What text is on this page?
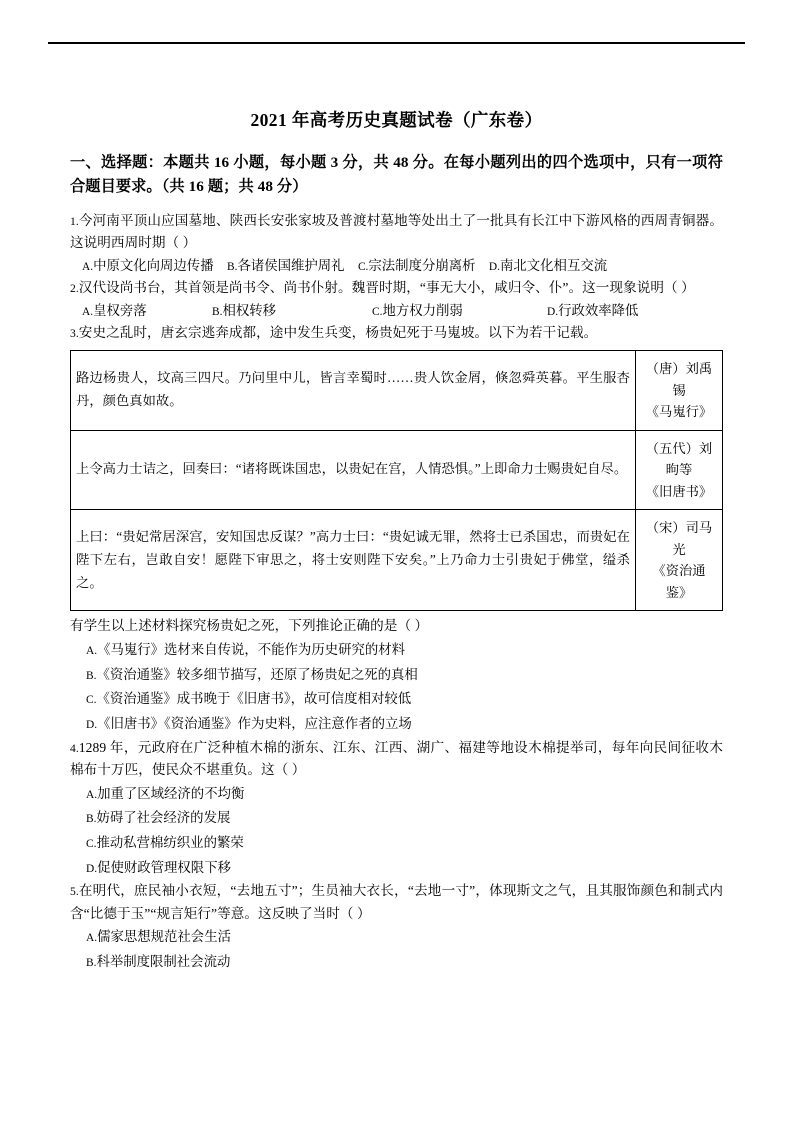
2021 年高考历史真题试卷（广东卷）

一、选择题：本题共 16 小题，每小题 3 分，共 48 分。在每小题列出的四个选项中，只有一项符合题目要求。（共 16 题；共 48 分）

1.今河南平顶山应国墓地、陕西长安张家坡及普渡村墓地等处出土了一批具有长江中下游风格的西周青铜器。这说明西周时期（ ）

A.中原文化向周边传播 B.各诸侯国维护周礼 C.宗法制度分崩离析 D.南北文化相互交流

2.汉代设尚书台，其首领是尚书令、尚书仆射。魏晋时期，“事无大小，咸归令、仆”。这一现象说明（ ）

A.皇权旁落	B.相权转移	C.地方权力削弱	D.行政效率降低

3.安史之乱时，唐玄宗逃奔成都，途中发生兵变，杨贵妃死于马嵬坡。以下为若干记载。

路边杨贵人，坟高三四尺。乃问里中儿，皆言幸蜀时……贵人饮金屑，倏忽舜英暮。平生服杏丹，颜色真如故。	（唐）刘禹
锡
《马嵬行》

上令高力士诘之，回奏曰：“诸将既诛国忠，以贵妃在宫，人情恐惧。”上即命力士赐贵妃自尽。	（五代）刘
昫等
《旧唐书》

上曰：“贵妃常居深宫，安知国忠反谋？”高力士曰：“贵妃诚无罪，然将士已杀国忠，而贵妃在陛下左右，岂敢自安！愿陛下审思之，将士安则陛下安矣。”上乃命力士引贵妃于佛堂，缢杀之。	（宋）司马
光
《资治通
鉴》

有学生以上述材料探究杨贵妃之死，下列推论正确的是（ ）

A.《马嵬行》选材来自传说，不能作为历史研究的材料
B.《资治通鉴》较多细节描写，还原了杨贵妃之死的真相
C.《资治通鉴》成书晚于《旧唐书》，故可信度相对较低
D.《旧唐书》《资治通鉴》作为史料，应注意作者的立场

4.1289 年，元政府在广泛种植木棉的浙东、江东、江西、湖广、福建等地设木棉提举司，每年向民间征收木棉布十万匹，使民众不堪重负。这（ ）

A.加重了区域经济的不均衡
B.妨碍了社会经济的发展
C.推动私营棉纺织业的繁荣
D.促使财政管理权限下移

5.在明代，庶民袖小衣短，“去地五寸”；生员袖大衣长，“去地一寸”，体现斯文之气，且其服饰颜色和制式内含“比德于玉”“规言矩行”等意。这反映了当时（ ）

A.儒家思想规范社会生活
B.科举制度限制社会流动
